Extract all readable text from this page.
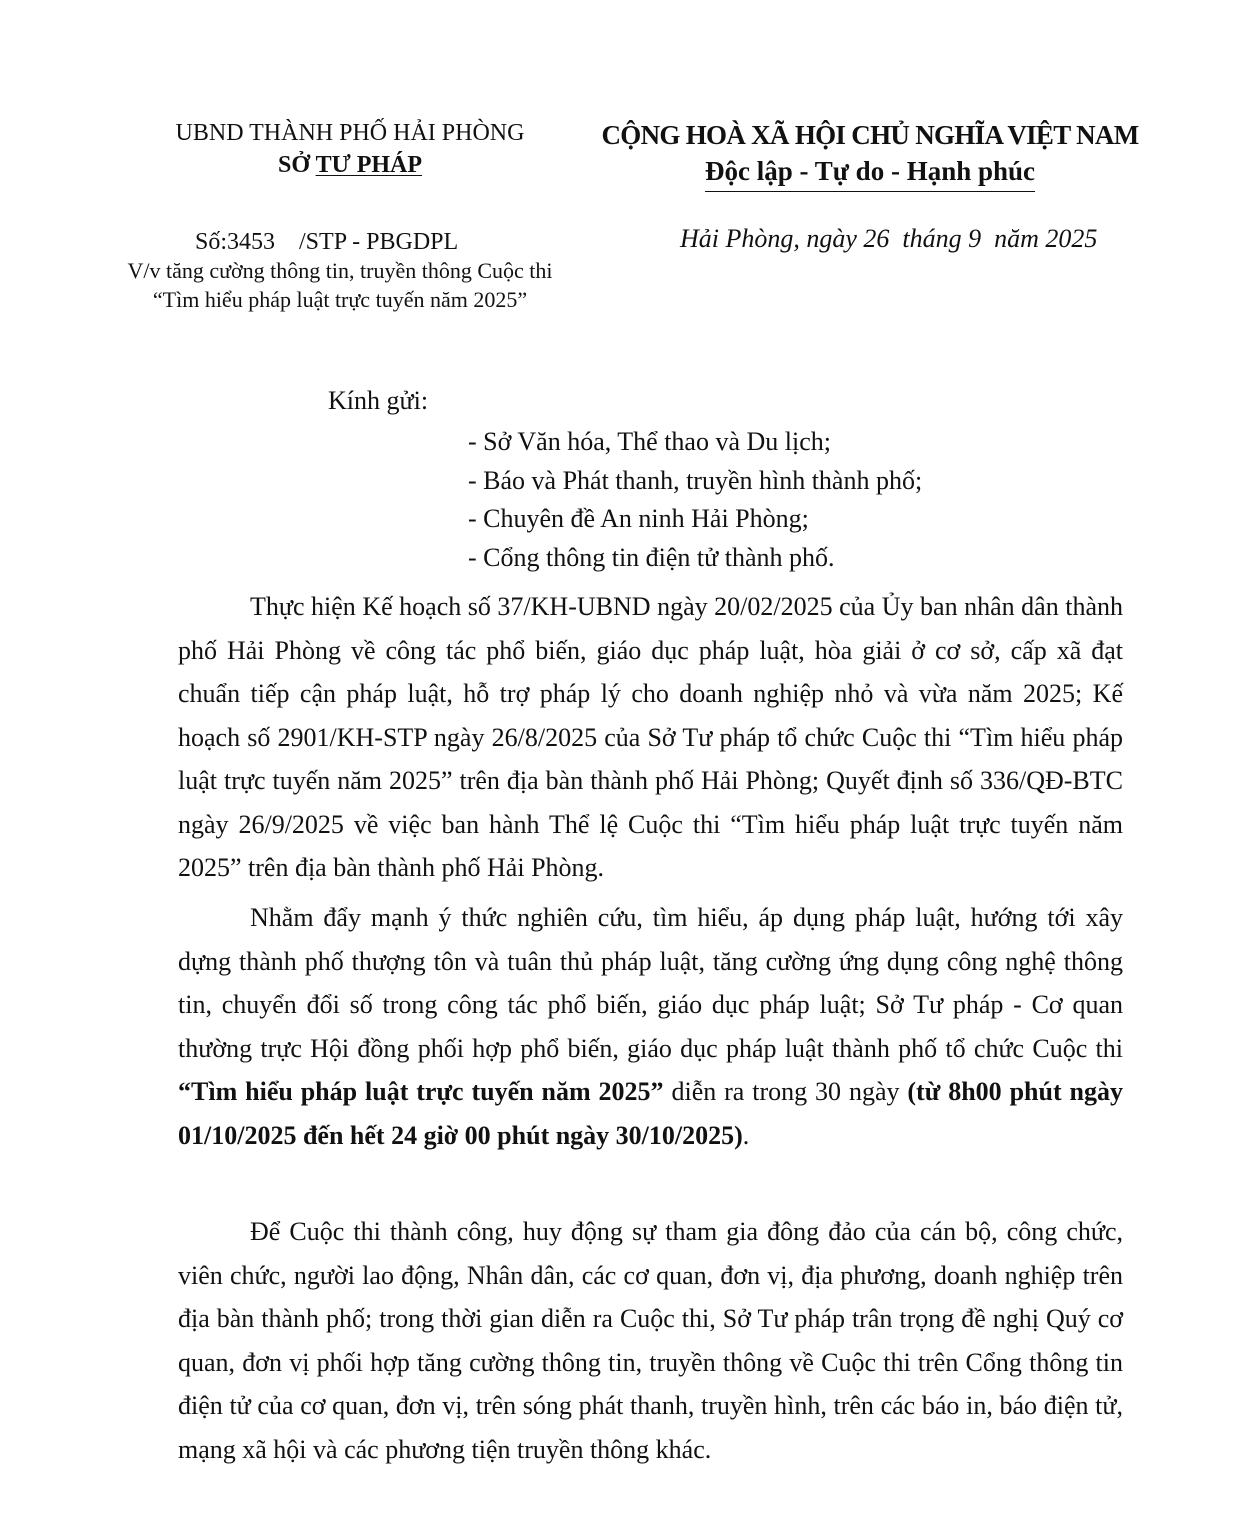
UBND THÀNH PHỐ HẢI PHÒNG
SỞ TƯ PHÁP
CỘNG HOÀ XÃ HỘI CHỦ NGHĨA VIỆT NAM
Độc lập - Tự do - Hạnh phúc
Số:3453    /STP - PBGDPL
V/v tăng cường thông tin, truyền thông Cuộc thi
“Tìm hiểu pháp luật trực tuyến năm 2025”
Hải Phòng, ngày 26  tháng 9  năm 2025
Kính gửi:
- Sở Văn hóa, Thể thao và Du lịch;
- Báo và Phát thanh, truyền hình thành phố;
- Chuyên đề An ninh Hải Phòng;
- Cổng thông tin điện tử thành phố.

Thực hiện Kế hoạch số 37/KH-UBND ngày 20/02/2025 của Ủy ban nhân dân thành phố Hải Phòng về công tác phổ biến, giáo dục pháp luật, hòa giải ở cơ sở, cấp xã đạt chuẩn tiếp cận pháp luật, hỗ trợ pháp lý cho doanh nghiệp nhỏ và vừa năm 2025; Kế hoạch số 2901/KH-STP ngày 26/8/2025 của Sở Tư pháp tổ chức Cuộc thi “Tìm hiểu pháp luật trực tuyến năm 2025” trên địa bàn thành phố Hải Phòng; Quyết định số 336/QĐ-BTC ngày 26/9/2025 về việc ban hành Thể lệ Cuộc thi “Tìm hiểu pháp luật trực tuyến năm 2025” trên địa bàn thành phố Hải Phòng.

Nhằm đẩy mạnh ý thức nghiên cứu, tìm hiểu, áp dụng pháp luật, hướng tới xây dựng thành phố thượng tôn và tuân thủ pháp luật, tăng cường ứng dụng công nghệ thông tin, chuyển đổi số trong công tác phổ biến, giáo dục pháp luật; Sở Tư pháp - Cơ quan thường trực Hội đồng phối hợp phổ biến, giáo dục pháp luật thành phố tổ chức Cuộc thi “Tìm hiểu pháp luật trực tuyến năm 2025” diễn ra trong 30 ngày (từ 8h00 phút ngày 01/10/2025 đến hết 24 giờ 00 phút ngày 30/10/2025).

Để Cuộc thi thành công, huy động sự tham gia đông đảo của cán bộ, công chức, viên chức, người lao động, Nhân dân, các cơ quan, đơn vị, địa phương, doanh nghiệp trên địa bàn thành phố; trong thời gian diễn ra Cuộc thi, Sở Tư pháp trân trọng đề nghị Quý cơ quan, đơn vị phối hợp tăng cường thông tin, truyền thông về Cuộc thi trên Cổng thông tin điện tử của cơ quan, đơn vị, trên sóng phát thanh, truyền hình, trên các báo in, báo điện tử, mạng xã hội và các phương tiện truyền thông khác.
